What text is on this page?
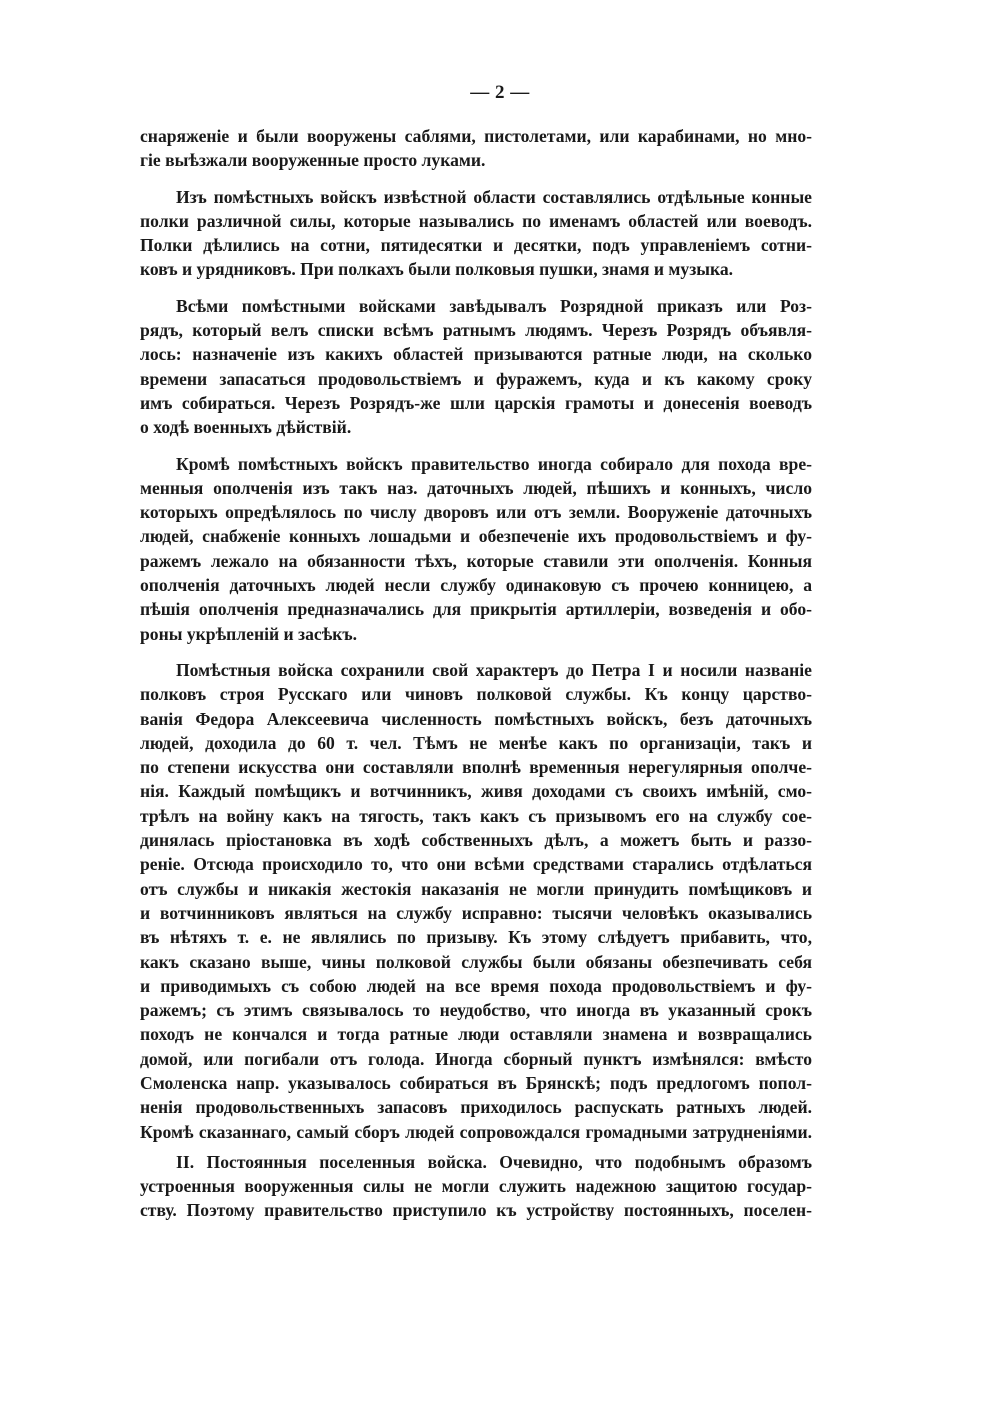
— 2 —
снаряженіе и были вооружены саблями, пистолетами, или карабинами, но мно-
гіе выѣзжали вооруженные просто луками.
Изъ помѣстныхъ войскъ извѣстной области составлялись отдѣльные конные
полки различной силы, которые назывались по именамъ областей или воеводъ.
Полки дѣлились на сотни, пятидесятки и десятки, подъ управленіемъ сотни-
ковъ и урядниковъ. При полкахъ были полковыя пушки, знамя и музыка.
Всѣми помѣстными войсками завѣдывалъ Розрядной приказъ или Роз-
рядъ, который велъ списки всѣмъ ратнымъ людямъ. Черезъ Розрядъ объявля-
лось: назначеніе изъ какихъ областей призываются ратные люди, на сколько
времени запасаться продовольствіемъ и фуражемъ, куда и къ какому сроку
имъ собираться. Черезъ Розрядъ-же шли царскія грамоты и донесенія воеводъ
о ходѣ военныхъ дѣйствій.
Кромѣ помѣстныхъ войскъ правительство иногда собирало для похода вре-
менныя ополченія изъ такъ наз. даточныхъ людей, пѣшихъ и конныхъ, число
которыхъ опредѣлялось по числу дворовъ или отъ земли. Вооруженіе даточныхъ
людей, снабженіе конныхъ лошадьми и обезпеченіе ихъ продовольствіемъ и фу-
ражемъ лежало на обязанности тѣхъ, которые ставили эти ополченія. Конныя
ополченія даточныхъ людей несли службу одинаковую съ прочею конницею, а
пѣшія ополченія предназначались для прикрытія артиллеріи, возведенія и обо-
роны укрѣпленій и засѣкъ.
Помѣстныя войска сохранили свой характеръ до Петра I и носили названіе
полковъ строя Русскаго или чиновъ полковой службы. Къ концу царство-
ванія Федора Алексеевича численность помѣстныхъ войскъ, безъ даточныхъ
людей, доходила до 60 т. чел. Тѣмъ не менѣе какъ по организаціи, такъ и
по степени искусства они составляли вполнѣ временныя нерегулярныя ополче-
нія. Каждый помѣщикъ и вотчинникъ, живя доходами съ своихъ имѣній, смо-
трѣлъ на войну какъ на тягость, такъ какъ съ призывомъ его на службу сое-
динялась пріостановка въ ходѣ собственныхъ дѣлъ, а можетъ быть и раззо-
реніе. Отсюда происходило то, что они всѣми средствами старались отдѣлаться
отъ службы и никакія жестокія наказанія не могли принудить помѣщиковъ и
и вотчинниковъ являться на службу исправно: тысячи человѣкъ оказывались
въ нѣтяхъ т. е. не являлись по призыву. Къ этому слѣдуетъ прибавить, что,
какъ сказано выше, чины полковой службы были обязаны обезпечивать себя
и приводимыхъ съ собою людей на все время похода продовольствіемъ и фу-
ражемъ; съ этимъ связывалось то неудобство, что иногда въ указанный срокъ
походъ не кончался и тогда ратные люди оставляли знамена и возвращались
домой, или погибали отъ голода. Иногда сборный пунктъ измѣнялся: вмѣсто
Смоленска напр. указывалось собираться въ Брянскѣ; подъ предлогомъ попол-
ненія продовольственныхъ запасовъ приходилось распускать ратныхъ людей.
Кромѣ сказаннаго, самый сборъ людей сопровождался громадными затрудненіями.
II. Постоянныя поселенныя войска. Очевидно, что подобнымъ образомъ
устроенныя вооруженныя силы не могли служить надежною защитою государ-
ству. Поэтому правительство приступило къ устройству постоянныхъ, поселен-
